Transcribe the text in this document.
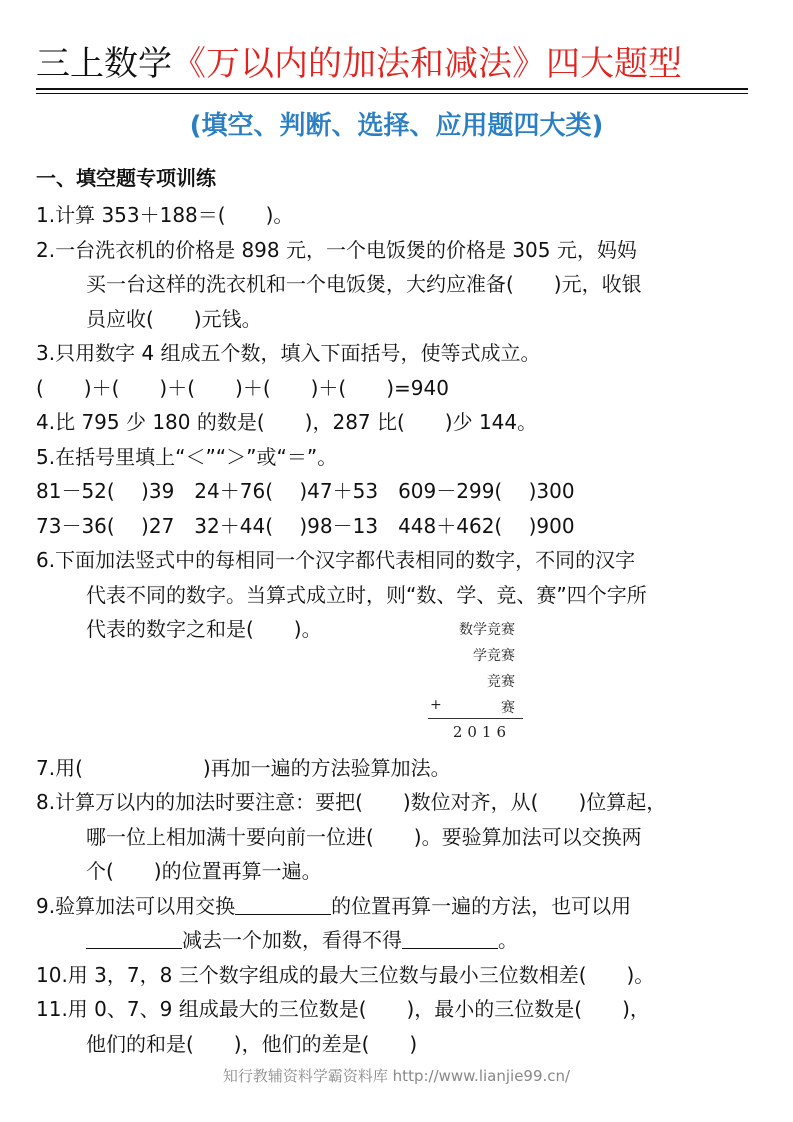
三上数学《万以内的加法和减法》四大题型
(填空、判断、选择、应用题四大类)
一、填空题专项训练
1.计算 353＋188＝(　　)。
2.一台洗衣机的价格是 898 元，一个电饭煲的价格是 305 元，妈妈
买一台这样的洗衣机和一个电饭煲，大约应准备(　　)元，收银
员应收(　　)元钱。
3.只用数字 4 组成五个数，填入下面括号，使等式成立。
(　　)＋(　　)＋(　　)＋(　　)＋(　　)=940
4.比 795 少 180 的数是(　　)，287 比(　　)少 144。
5.在括号里填上“＜”“＞”或“＝”。
81－52(　 )39　24＋76(　 )47＋53　609－299(　 )300
73－36(　 )27　32＋44(　 )98－13　448＋462(　 )900
6.下面加法竖式中的每相同一个汉字都代表相同的数字，不同的汉字
代表不同的数字。当算式成立时，则“数、学、竞、赛”四个字所
代表的数字之和是(　　)。
7.用(　　　　　　)再加一遍的方法验算加法。
8.计算万以内的加法时要注意：要把(　　)数位对齐，从(　　)位算起，
哪一位上相加满十要向前一位进(　　)。要验算加法可以交换两
个(　　)的位置再算一遍。
9.验算加法可以用交换	的位置再算一遍的方法，也可以用
减去一个加数，看得不得	。
10.用 3，7，8 三个数字组成的最大三位数与最小三位数相差(　　)。
11.用 0、7、9 组成最大的三位数是(　　)，最小的三位数是(　　)，
他们的和是(　　)，他们的差是(　　)
数学竞赛
学竞赛
竞赛
赛
+
2016
知行教辅资料学霸资料库 http://www.lianjie99.cn/
